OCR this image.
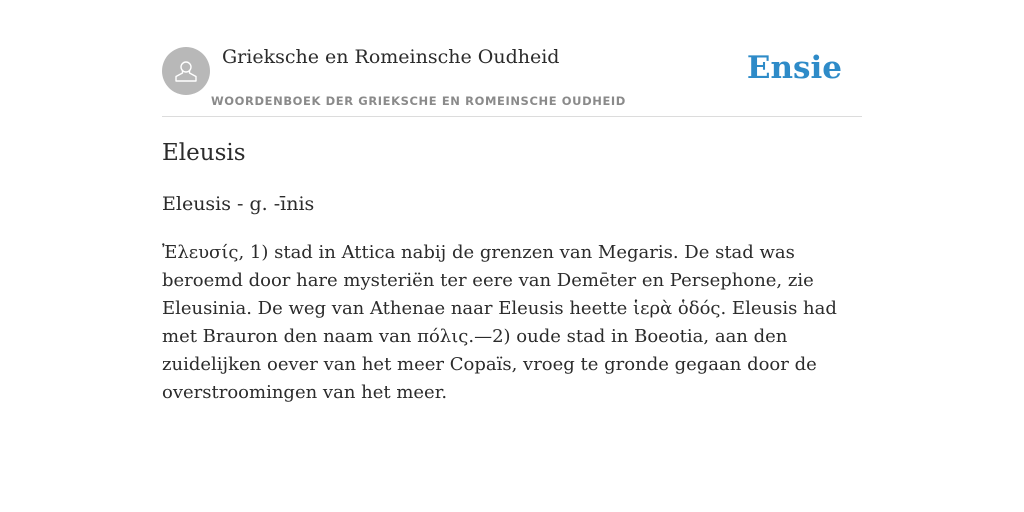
Grieksche en Romeinsche Oudheid
WOORDENBOEK DER GRIEKSCHE EN ROMEINSCHE OUDHEID
Ensie
Eleusis

Eleusis - g. -īnis

Ἐλευσίς, 1) stad in Attica nabij de grenzen van Megaris. De stad was beroemd door hare mysteriën ter eere van Demēter en Persephone, zie Eleusinia. De weg van Athenae naar Eleusis heette ἱερὰ ὁδός. Eleusis had met Brauron den naam van πόλις.—2) oude stad in Boeotia, aan den zuidelijken oever van het meer Copaïs, vroeg te gronde gegaan door de overstroomingen van het meer.
